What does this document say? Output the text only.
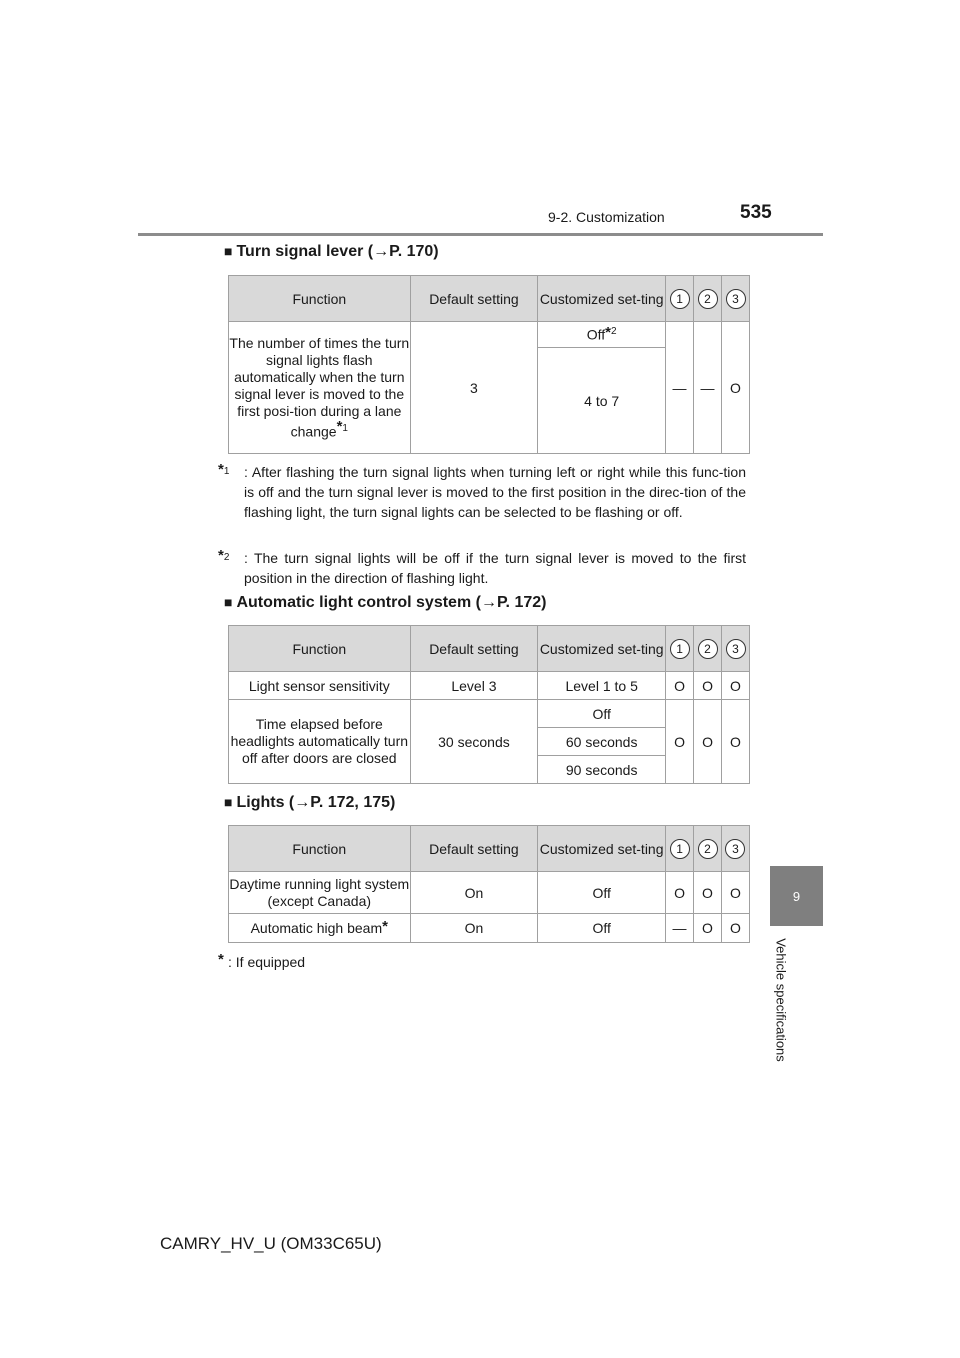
9-2. Customization	535
9
Vehicle specifications
■ Turn signal lever (→P. 170)
Function	Default setting	Customized set-ting	1	2	3
The number of times the turn signal lights flash automatically when the turn signal lever is moved to the first posi-tion during a lane change*$^1$	3	Off*$^2$	—	—	O
		4 to 7			
*$^1$ : After flashing the turn signal lights when turning left or right while this func-tion is off and the turn signal lever is moved to the first position in the direc-tion of the flashing light, the turn signal lights can be selected to be flashing or off.
*$^2$ : The turn signal lights will be off if the turn signal lever is moved to the first position in the direction of flashing light.
■ Automatic light control system (→P. 172)
Function	Default setting	Customized set-ting	1	2	3
Light sensor sensitivity	Level 3	Level 1 to 5	O	O	O
Time elapsed before headlights automatically turn off after doors are closed	30 seconds	Off	O	O	O
		60 seconds			
		90 seconds			
■ Lights (→P. 172, 175)
Function	Default setting	Customized set-ting	1	2	3
Daytime running light system (except Canada)	On	Off	O	O	O
Automatic high beam*	On	Off	—	O	O
* : If equipped
CAMRY_HV_U (OM33C65U)
